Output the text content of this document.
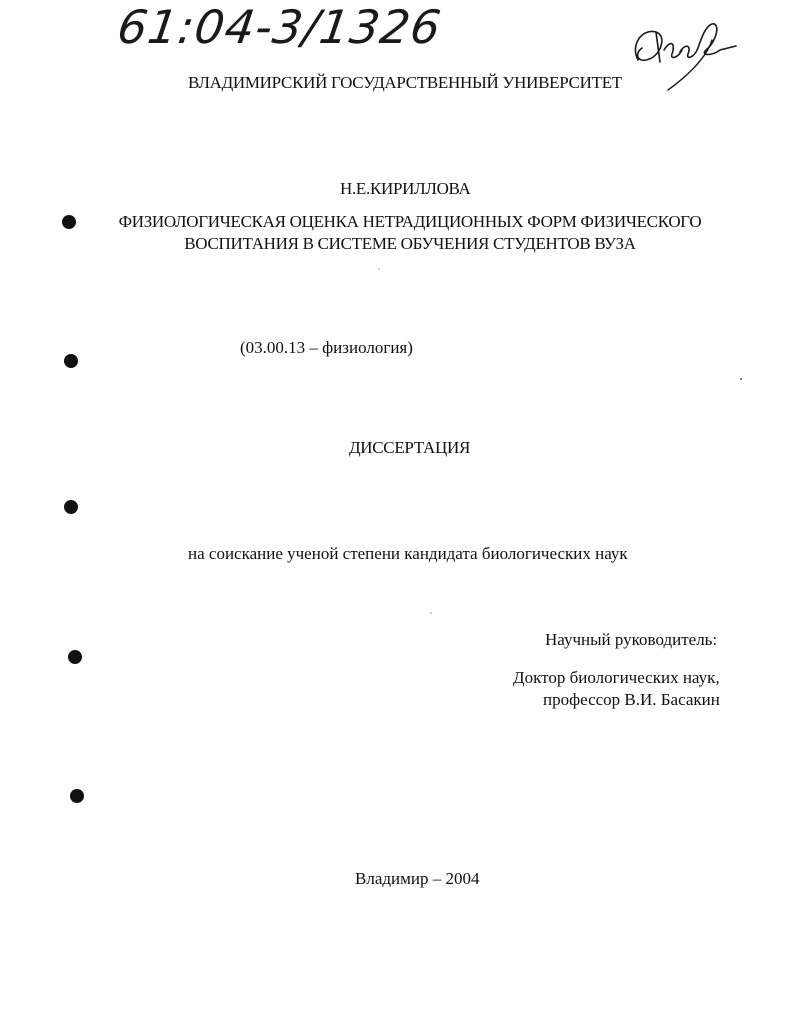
61:04-3/1326
ВЛАДИМИРСКИЙ ГОСУДАРСТВЕННЫЙ УНИВЕРСИТЕТ
Н.Е.КИРИЛЛОВА
ФИЗИОЛОГИЧЕСКАЯ ОЦЕНКА НЕТРАДИЦИОННЫХ ФОРМ ФИЗИЧЕСКОГО
ВОСПИТАНИЯ В СИСТЕМЕ ОБУЧЕНИЯ СТУДЕНТОВ ВУЗА
(03.00.13 – физиология)
ДИССЕРТАЦИЯ
на соискание ученой степени кандидата биологических наук
Научный руководитель:
Доктор биологических наук,
профессор В.И. Басакин
Владимир – 2004
